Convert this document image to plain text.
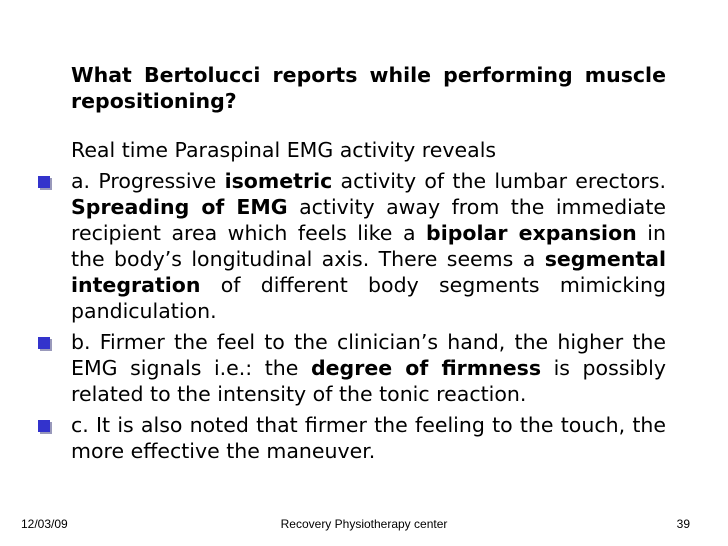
What Bertolucci reports while performing muscle repositioning?
Real time Paraspinal EMG activity reveals
a. Progressive isometric activity of the lumbar erectors. Spreading of EMG activity away from the immediate recipient area which feels like a bipolar expansion in the body’s longitudinal axis. There seems a segmental integration of different body segments mimicking pandiculation.
b. Firmer the feel to the clinician’s hand, the higher the EMG signals i.e.: the degree of firmness is possibly related to the intensity of the tonic reaction.
c. It is also noted that firmer the feeling to the touch, the more effective the maneuver.
12/03/09	Recovery Physiotherapy center	39
